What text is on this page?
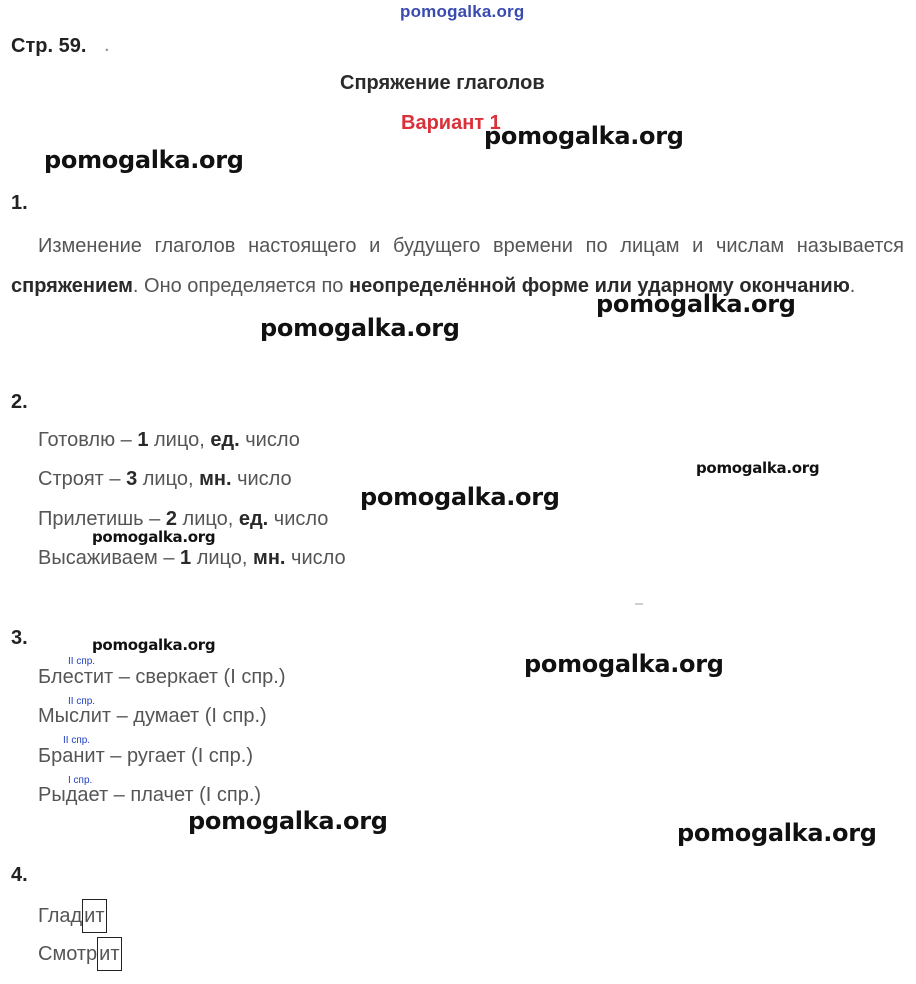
pomogalka.org
Стр. 59. .
Спряжение глаголов
Вариант 1
1.
Изменение глаголов настоящего и будущего времени по лицам и числам называется спряжением. Оно определяется по неопределённой форме или ударному окончанию.
2.
Готовлю – 1 лицо, ед. число
Строят – 3 лицо, мн. число
Прилетишь – 2 лицо, ед. число
Высаживаем – 1 лицо, мн. число
3.
II спр.
Блестит – сверкает (I спр.)
II спр.
Мыслит – думает (I спр.)
II спр.
Бранит – ругает (I спр.)
I спр.
Рыдает – плачет (I спр.)
4.
Глад ит
Смотр ит
pomogalka.org
pomogalka.org
pomogalka.org
pomogalka.org
pomogalka.org
pomogalka.org
pomogalka.org
pomogalka.org
pomogalka.org
pomogalka.org	pomogalka.org
